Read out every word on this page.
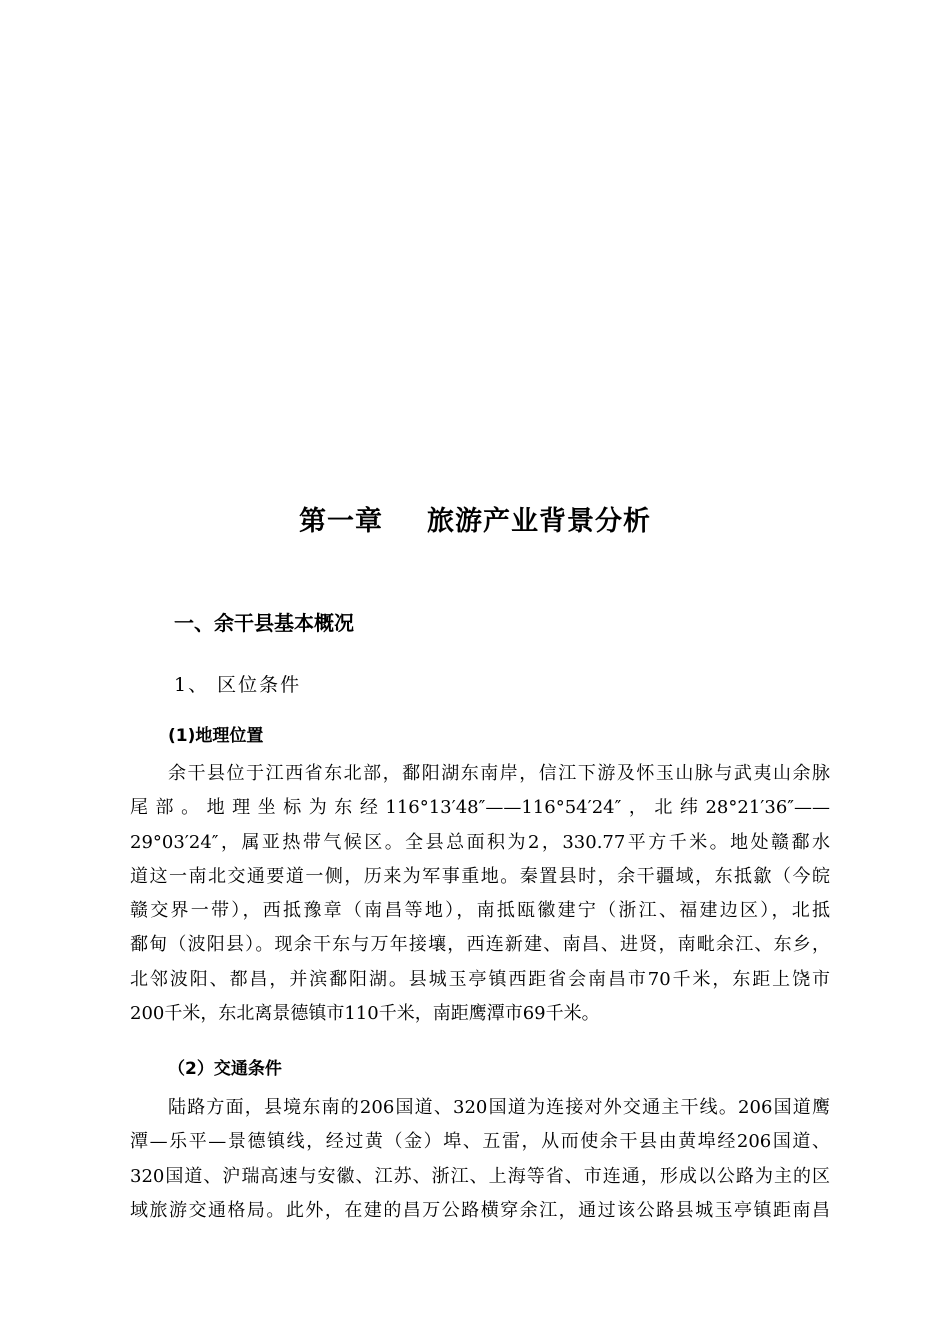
第一章 旅游产业背景分析
一、余干县基本概况
1、 区位条件
(1)地理位置
余干县位于江西省东北部，鄱阳湖东南岸，信江下游及怀玉山脉与武夷山余脉
尾部。地理坐标为东经116°13′48″——116°54′24″，北纬28°21′36″——
29°03′24″，属亚热带气候区。全县总面积为2，330.77平方千米。地处赣鄱水
道这一南北交通要道一侧，历来为军事重地。秦置县时，余干疆域，东抵歙（今皖
赣交界一带），西抵豫章（南昌等地），南抵瓯徽建宁（浙江、福建边区），北抵
鄱甸（波阳县）。现余干东与万年接壤，西连新建、南昌、进贤，南毗余江、东乡，
北邻波阳、都昌，并滨鄱阳湖。县城玉亭镇西距省会南昌市70千米，东距上饶市
200千米，东北离景德镇市110千米，南距鹰潭市69千米。
（2）交通条件
陆路方面，县境东南的206国道、320国道为连接对外交通主干线。206国道鹰
潭—乐平—景德镇线，经过黄（金）埠、五雷，从而使余干县由黄埠经206国道、
320国道、沪瑞高速与安徽、江苏、浙江、上海等省、市连通，形成以公路为主的区
域旅游交通格局。此外，在建的昌万公路横穿余江，通过该公路县城玉亭镇距南昌
